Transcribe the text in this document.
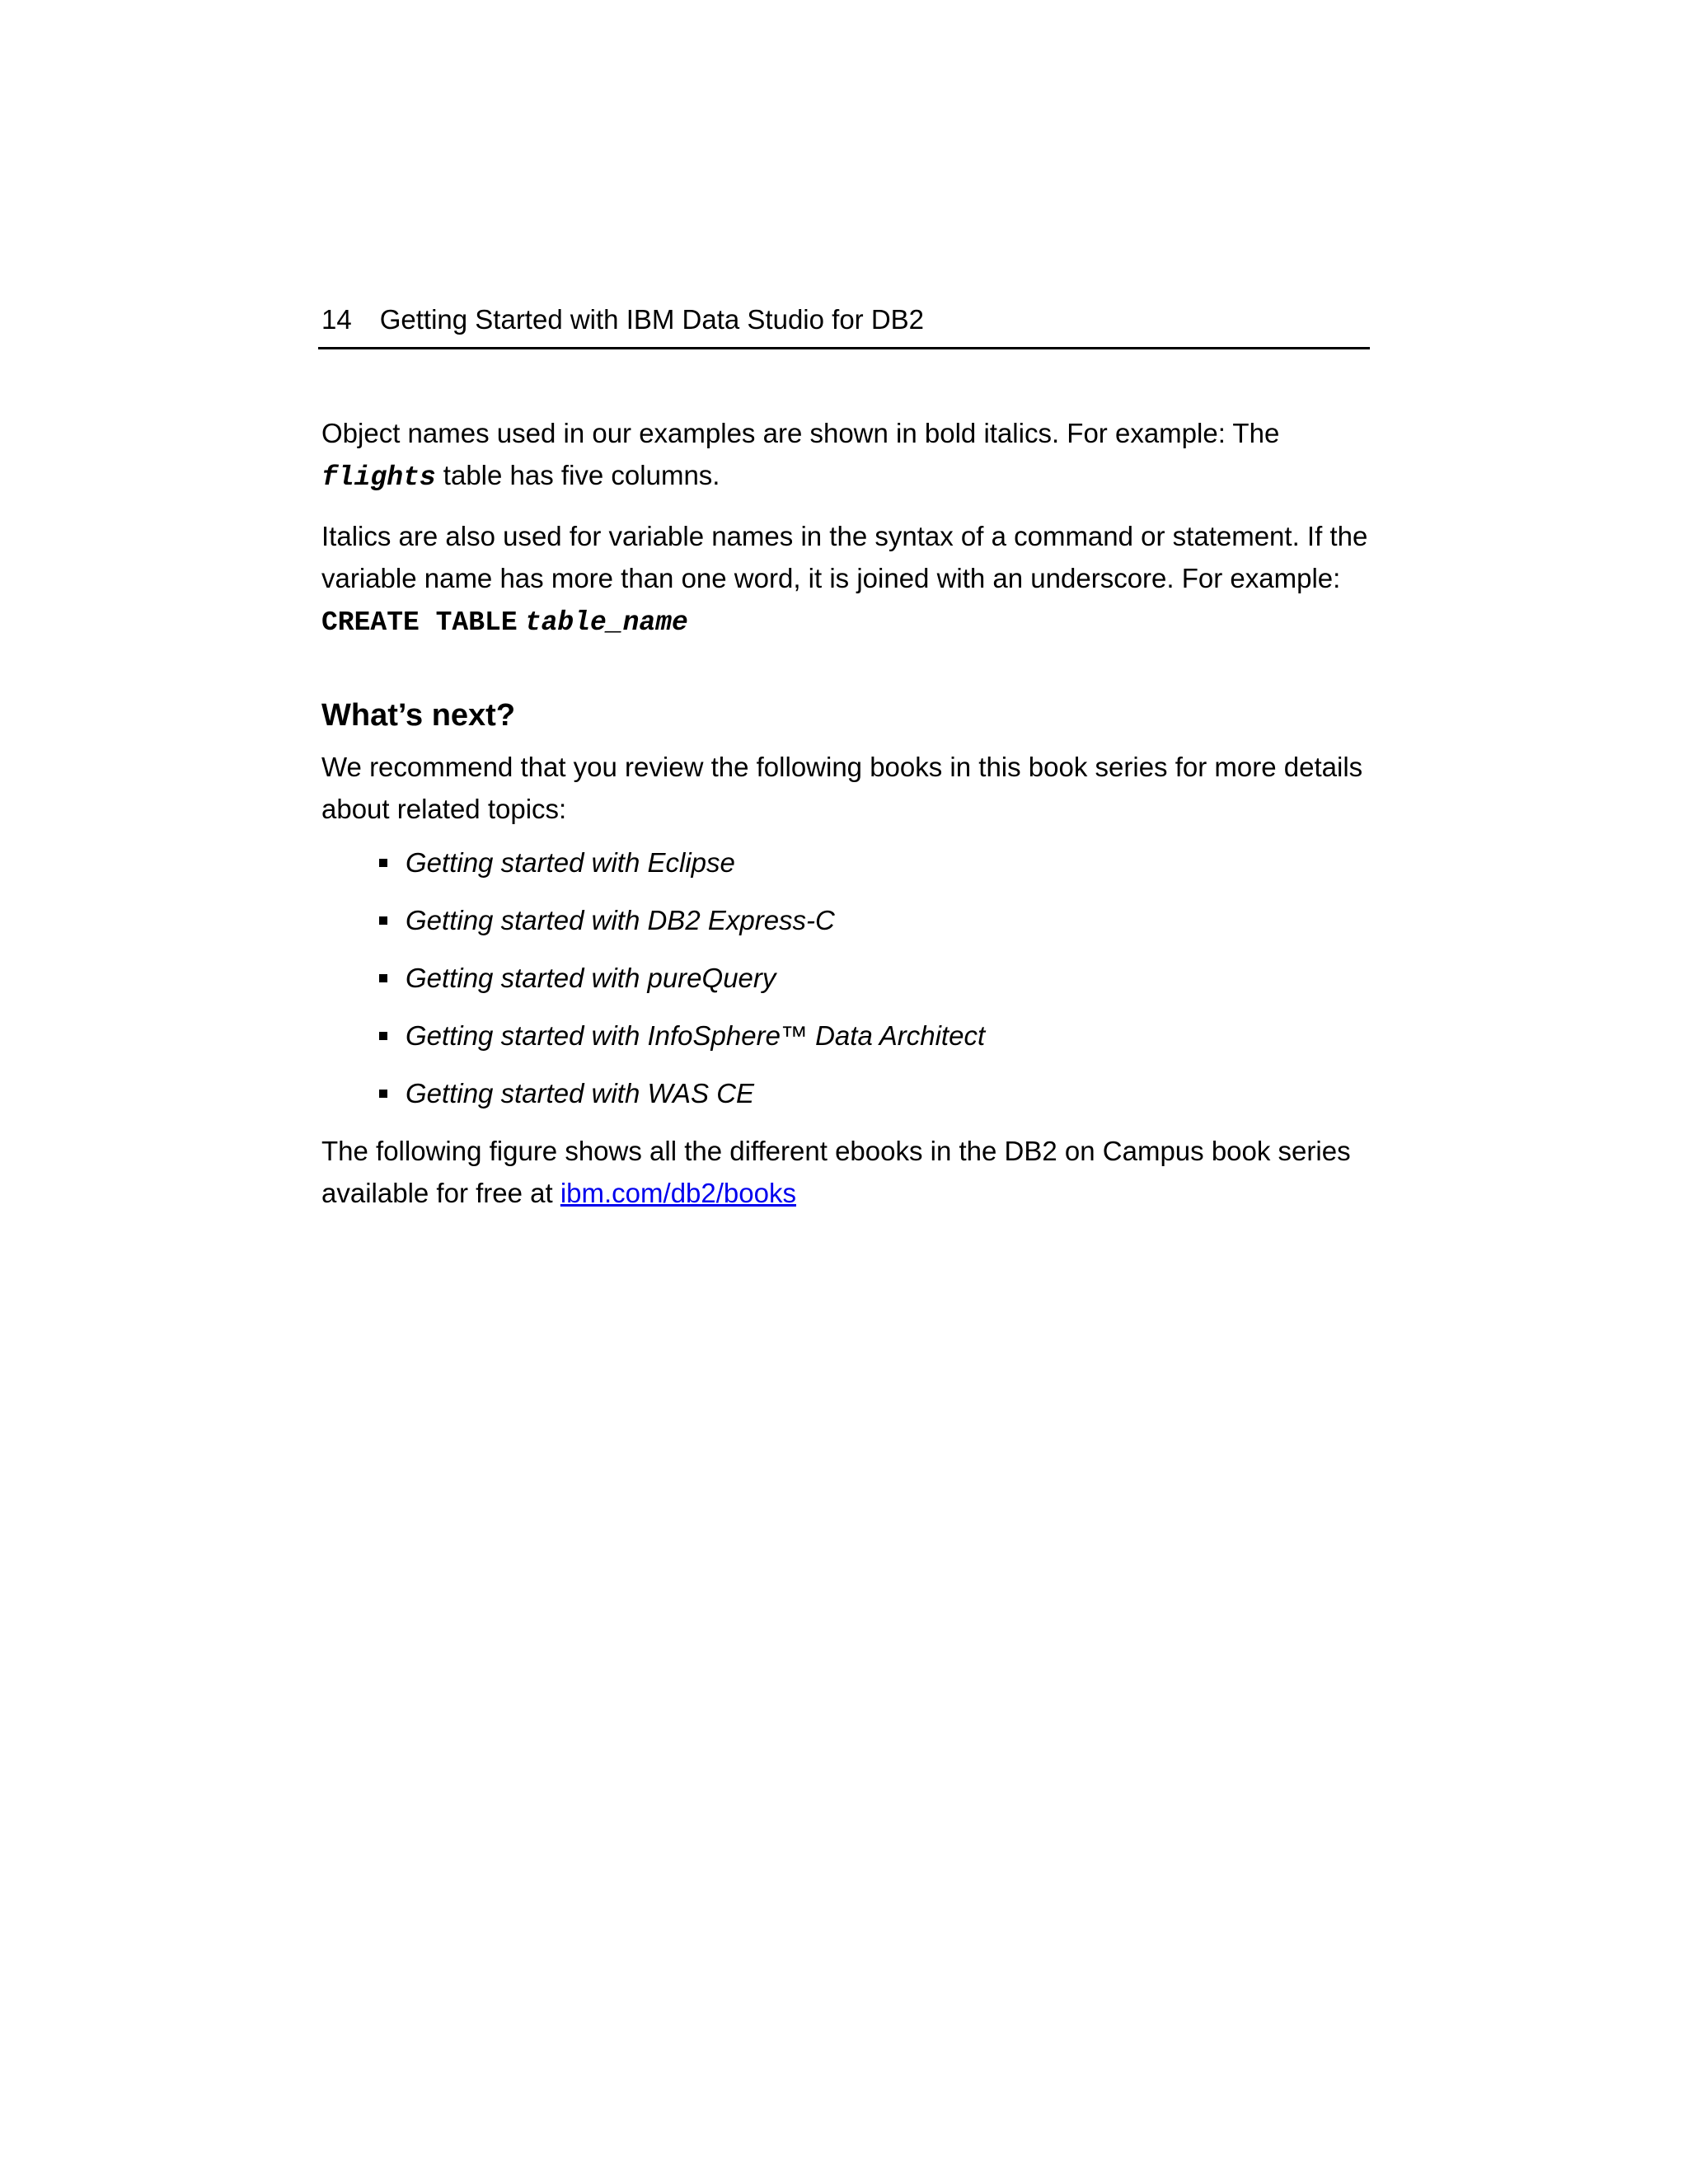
14 Getting Started with IBM Data Studio for DB2

Object names used in our examples are shown in bold italics. For example: The flights table has five columns.

Italics are also used for variable names in the syntax of a command or statement. If the variable name has more than one word, it is joined with an underscore. For example:
CREATE TABLE table_name

What’s next?

We recommend that you review the following books in this book series for more details about related topics:

Getting started with Eclipse
Getting started with DB2 Express-C
Getting started with pureQuery
Getting started with InfoSphere™ Data Architect
Getting started with WAS CE

The following figure shows all the different ebooks in the DB2 on Campus book series available for free at ibm.com/db2/books
